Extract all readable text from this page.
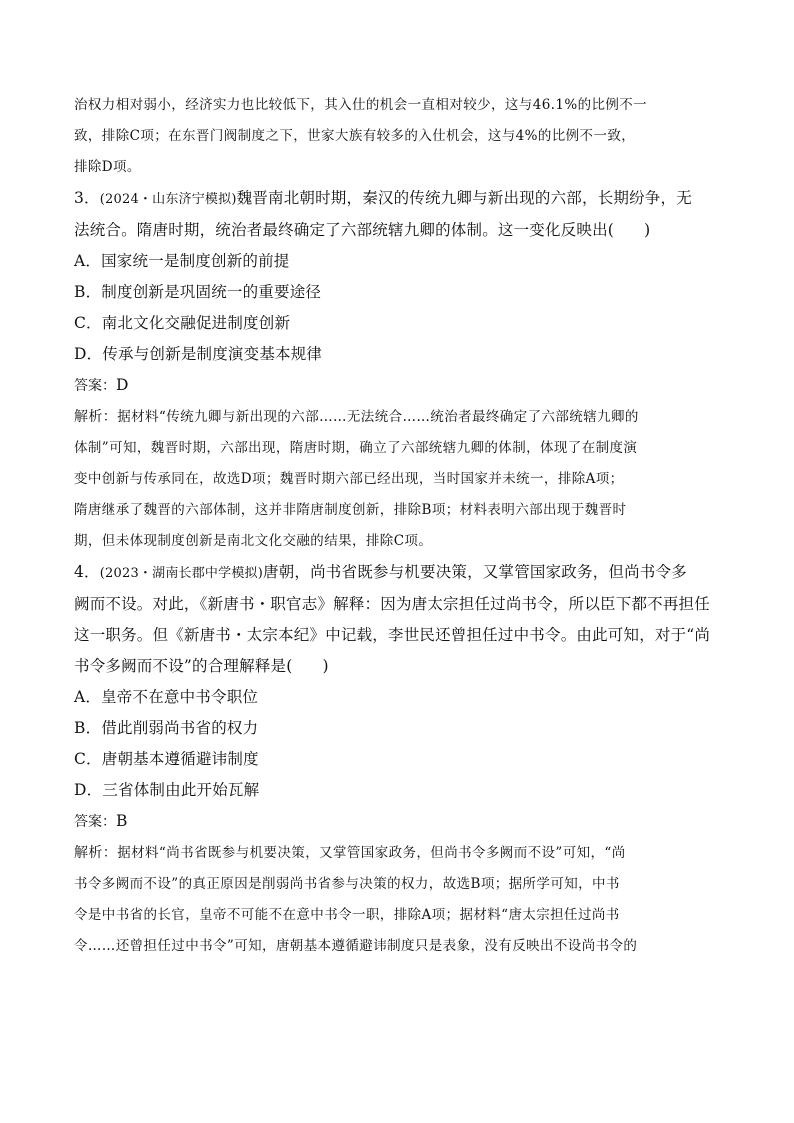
治权力相对弱小，经济实力也比较低下，其入仕的机会一直相对较少，这与46.1%的比例不一
致，排除C项；在东晋门阀制度之下，世家大族有较多的入仕机会，这与4%的比例不一致，
排除D项。
3．(2024・山东济宁模拟)魏晋南北朝时期，秦汉的传统九卿与新出现的六部，长期纷争，无
法统合。隋唐时期，统治者最终确定了六部统辖九卿的体制。这一变化反映出( )
A．国家统一是制度创新的前提
B．制度创新是巩固统一的重要途径
C．南北文化交融促进制度创新
D．传承与创新是制度演变基本规律
答案：D
解析：据材料“传统九卿与新出现的六部……无法统合……统治者最终确定了六部统辖九卿的
体制”可知，魏晋时期，六部出现，隋唐时期，确立了六部统辖九卿的体制，体现了在制度演
变中创新与传承同在，故选D项；魏晋时期六部已经出现，当时国家并未统一，排除A项；
隋唐继承了魏晋的六部体制，这并非隋唐制度创新，排除B项；材料表明六部出现于魏晋时
期，但未体现制度创新是南北文化交融的结果，排除C项。
4．(2023・湖南长郡中学模拟)唐朝，尚书省既参与机要决策，又掌管国家政务，但尚书令多
阙而不设。对此，《新唐书・职官志》解释：因为唐太宗担任过尚书令，所以臣下都不再担任
这一职务。但《新唐书・太宗本纪》中记载，李世民还曾担任过中书令。由此可知，对于“尚
书令多阙而不设”的合理解释是( )
A．皇帝不在意中书令职位
B．借此削弱尚书省的权力
C．唐朝基本遵循避讳制度
D．三省体制由此开始瓦解
答案：B
解析：据材料“尚书省既参与机要决策，又掌管国家政务，但尚书令多阙而不设”可知，“尚
书令多阙而不设”的真正原因是削弱尚书省参与决策的权力，故选B项；据所学可知，中书
令是中书省的长官，皇帝不可能不在意中书令一职，排除A项；据材料“唐太宗担任过尚书
令……还曾担任过中书令”可知，唐朝基本遵循避讳制度只是表象，没有反映出不设尚书令的
